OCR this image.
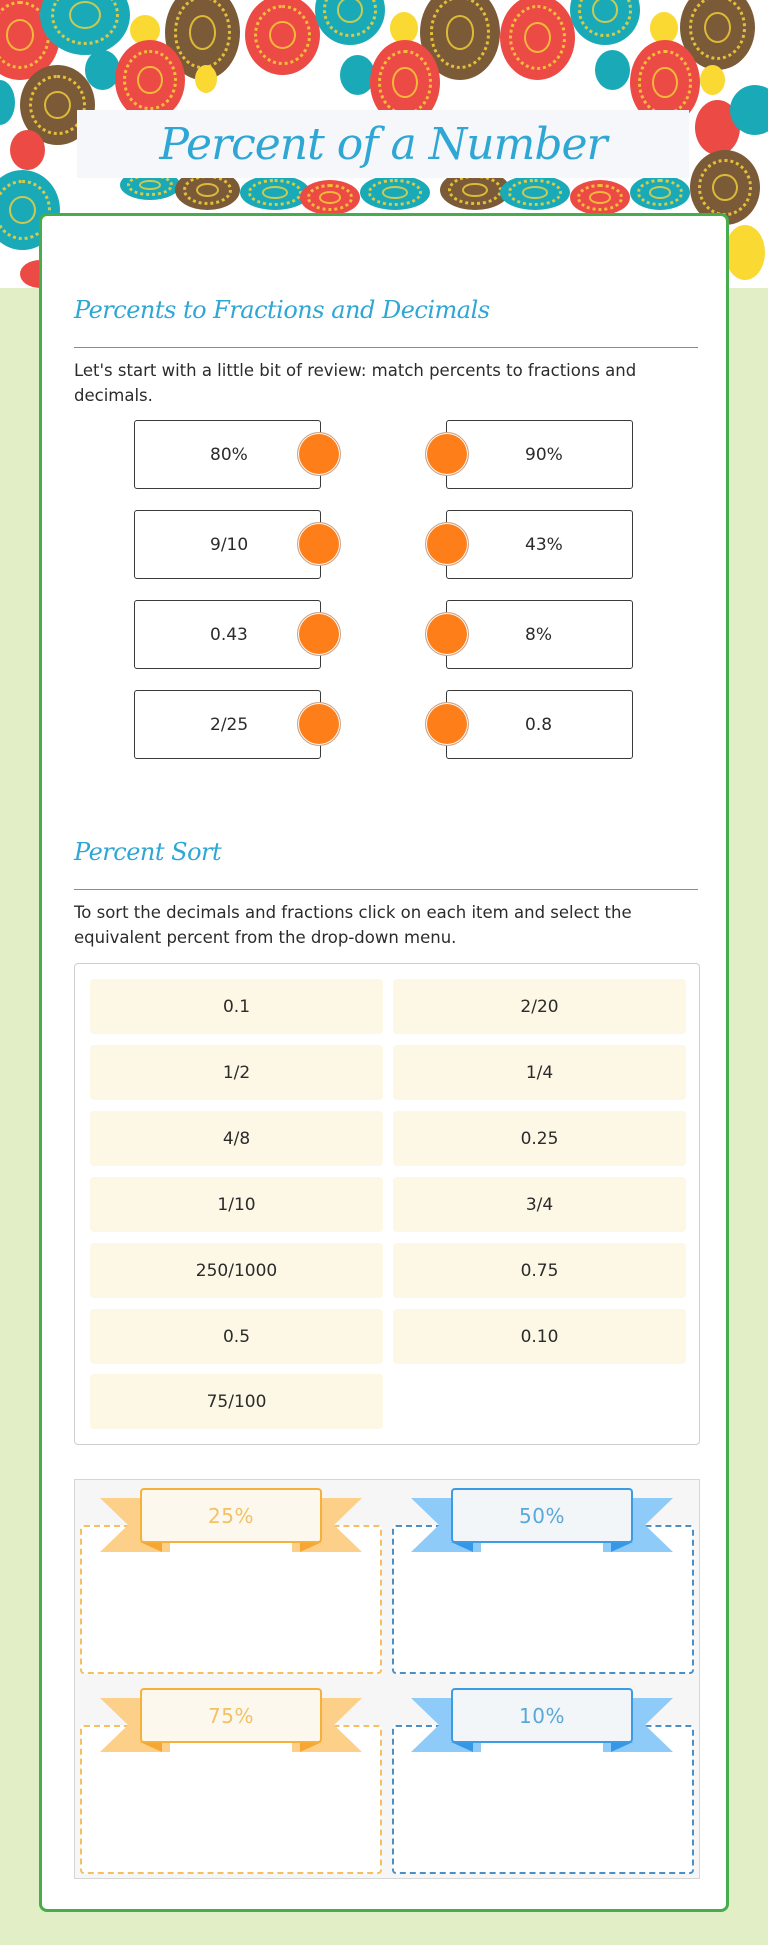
Percent of a Number
Percents to Fractions and Decimals
Let's start with a little bit of review: match percents to fractions and decimals.
80%
9/10
0.43
2/25
90%
43%
8%
0.8
Percent Sort
To sort the decimals and fractions click on each item and select the equivalent percent from the drop-down menu.
0.1	2/20
1/2	1/4
4/8	0.25
1/10	3/4
250/1000	0.75
0.5	0.10
75/100
25%	50%
75%	10%
